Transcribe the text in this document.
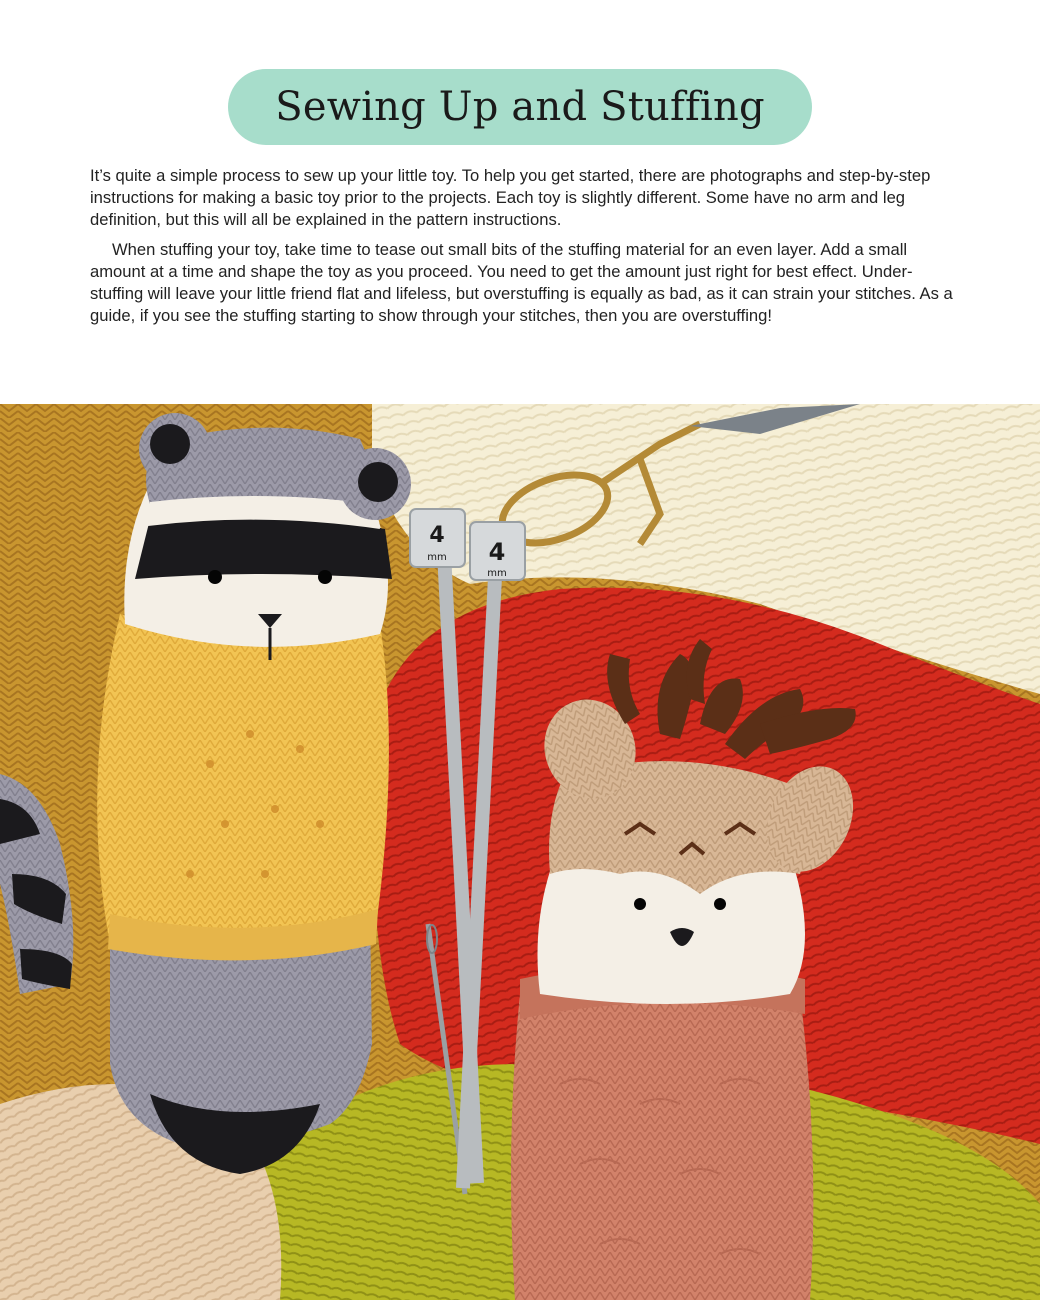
Sewing Up and Stuffing

It’s quite a simple process to sew up your little toy. To help you get started, there are photographs and step-by-step instructions for making a basic toy prior to the projects. Each toy is slightly different. Some have no arm and leg definition, but this will all be explained in the pattern instructions.

When stuffing your toy, take time to tease out small bits of the stuffing material for an even layer. Add a small amount at a time and shape the toy as you proceed. You need to get the amount just right for best effect. Under-stuffing will leave your little friend flat and lifeless, but overstuffing is equally as bad, as it can strain your stitches. As a guide, if you see the stuffing starting to show through your stitches, then you are overstuffing!

4
mm 4
mm
